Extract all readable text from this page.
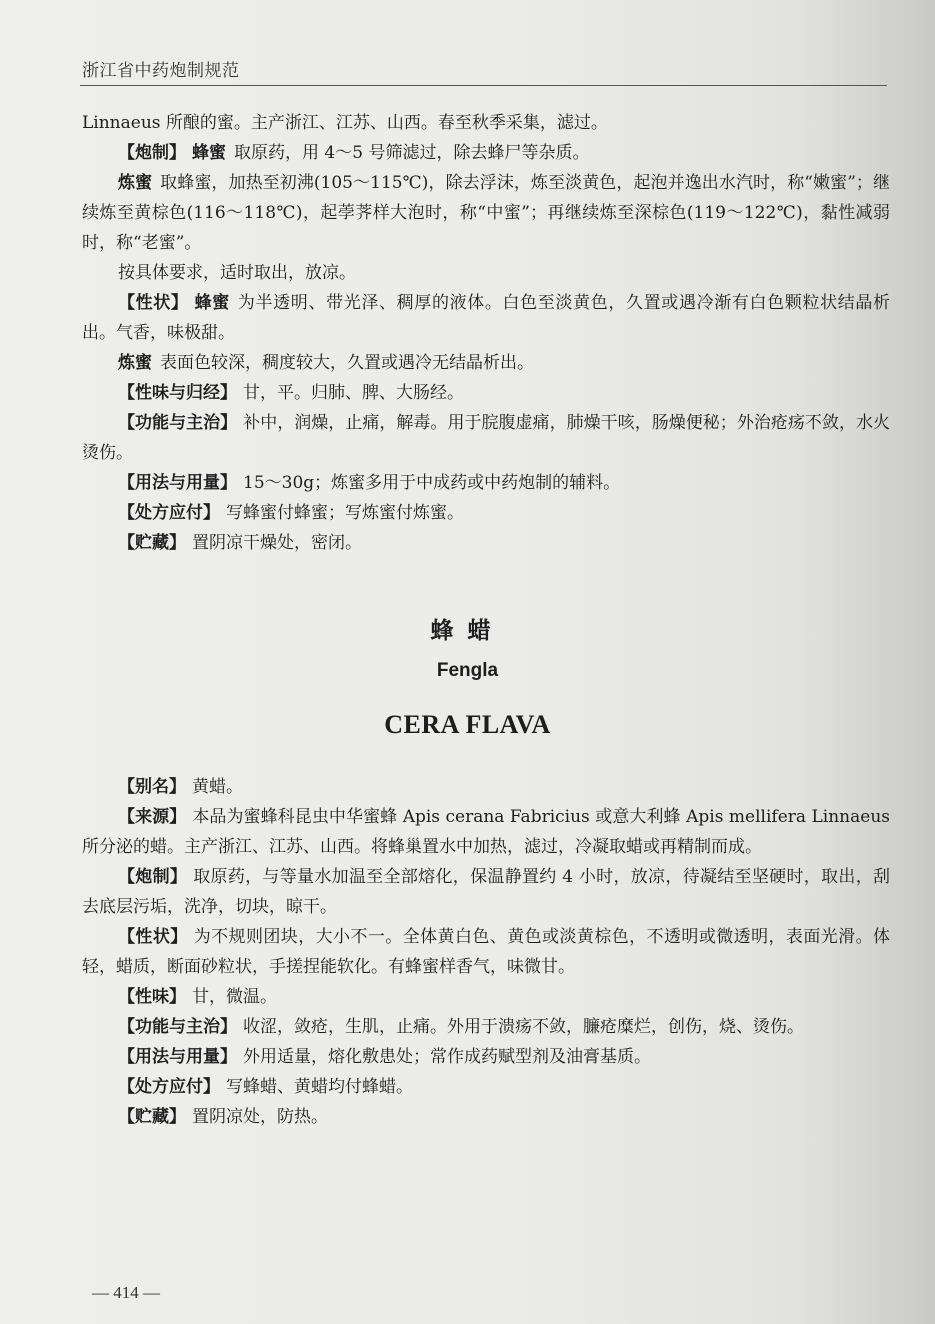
浙江省中药炮制规范
Linnaeus 所酿的蜜。主产浙江、江苏、山西。春至秋季采集，滤过。
【炮制】 蜂蜜 取原药，用 4～5 号筛滤过，除去蜂尸等杂质。
炼蜜 取蜂蜜，加热至初沸(105～115℃)，除去浮沫，炼至淡黄色，起泡并逸出水汽时，称“嫩蜜”；继续炼至黄棕色(116～118℃)，起荸荠样大泡时，称“中蜜”；再继续炼至深棕色(119～122℃)，黏性减弱时，称“老蜜”。
按具体要求，适时取出，放凉。
【性状】 蜂蜜 为半透明、带光泽、稠厚的液体。白色至淡黄色，久置或遇冷渐有白色颗粒状结晶析出。气香，味极甜。
炼蜜 表面色较深，稠度较大，久置或遇冷无结晶析出。
【性味与归经】 甘，平。归肺、脾、大肠经。
【功能与主治】 补中，润燥，止痛，解毒。用于脘腹虚痛，肺燥干咳，肠燥便秘；外治疮疡不敛，水火烫伤。
【用法与用量】 15～30g；炼蜜多用于中成药或中药炮制的辅料。
【处方应付】 写蜂蜜付蜂蜜；写炼蜜付炼蜜。
【贮藏】 置阴凉干燥处，密闭。
蜂蜡
Fengla
CERA FLAVA
【别名】 黄蜡。
【来源】 本品为蜜蜂科昆虫中华蜜蜂 Apis cerana Fabricius 或意大利蜂 Apis mellifera Linnaeus 所分泌的蜡。主产浙江、江苏、山西。将蜂巢置水中加热，滤过，冷凝取蜡或再精制而成。
【炮制】 取原药，与等量水加温至全部熔化，保温静置约 4 小时，放凉，待凝结至坚硬时，取出，刮去底层污垢，洗净，切块，晾干。
【性状】 为不规则团块，大小不一。全体黄白色、黄色或淡黄棕色，不透明或微透明，表面光滑。体轻，蜡质，断面砂粒状，手搓捏能软化。有蜂蜜样香气，味微甘。
【性味】 甘，微温。
【功能与主治】 收涩，敛疮，生肌，止痛。外用于溃疡不敛，臁疮糜烂，创伤，烧、烫伤。
【用法与用量】 外用适量，熔化敷患处；常作成药赋型剂及油膏基质。
【处方应付】 写蜂蜡、黄蜡均付蜂蜡。
【贮藏】 置阴凉处，防热。
— 414 —
